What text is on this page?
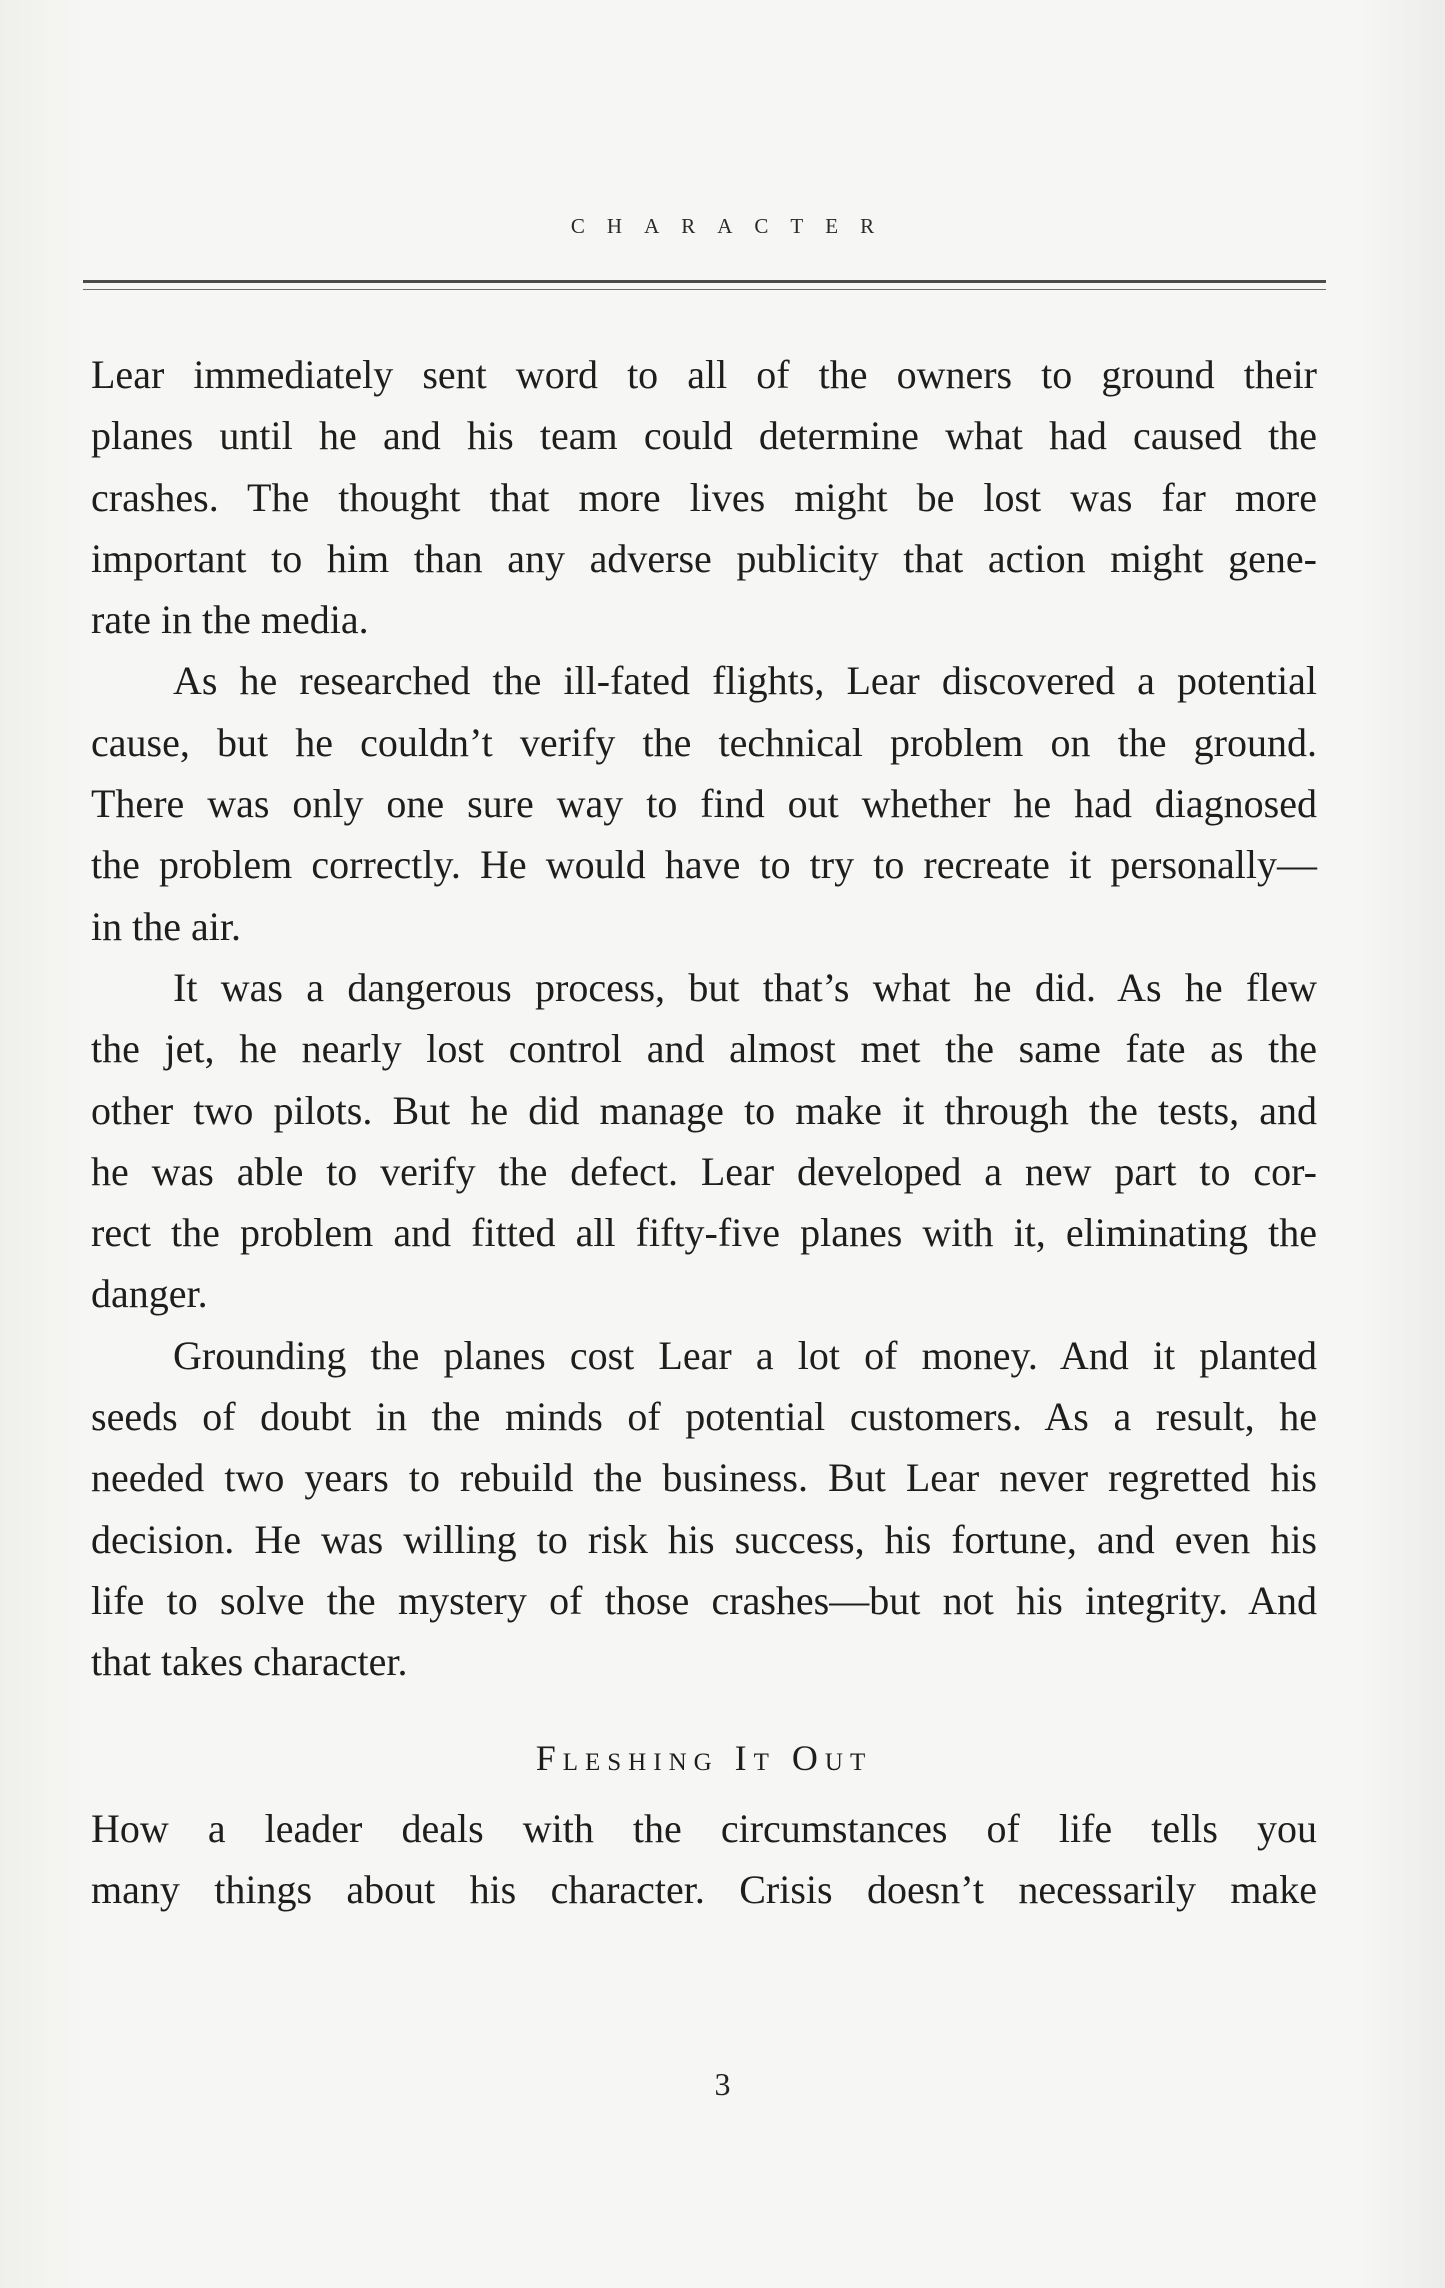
CHARACTER
Lear immediately sent word to all of the owners to ground their
planes until he and his team could determine what had caused the
crashes. The thought that more lives might be lost was far more
important to him than any adverse publicity that action might gene-
rate in the media.
As he researched the ill-fated flights, Lear discovered a potential
cause, but he couldn’t verify the technical problem on the ground.
There was only one sure way to find out whether he had diagnosed
the problem correctly. He would have to try to recreate it personally—
in the air.
It was a dangerous process, but that’s what he did. As he flew
the jet, he nearly lost control and almost met the same fate as the
other two pilots. But he did manage to make it through the tests, and
he was able to verify the defect. Lear developed a new part to cor-
rect the problem and fitted all fifty-five planes with it, eliminating the
danger.
Grounding the planes cost Lear a lot of money. And it planted
seeds of doubt in the minds of potential customers. As a result, he
needed two years to rebuild the business. But Lear never regretted his
decision. He was willing to risk his success, his fortune, and even his
life to solve the mystery of those crashes—but not his integrity. And
that takes character.
Fleshing It Out
How a leader deals with the circumstances of life tells you
many things about his character. Crisis doesn’t necessarily make
3
